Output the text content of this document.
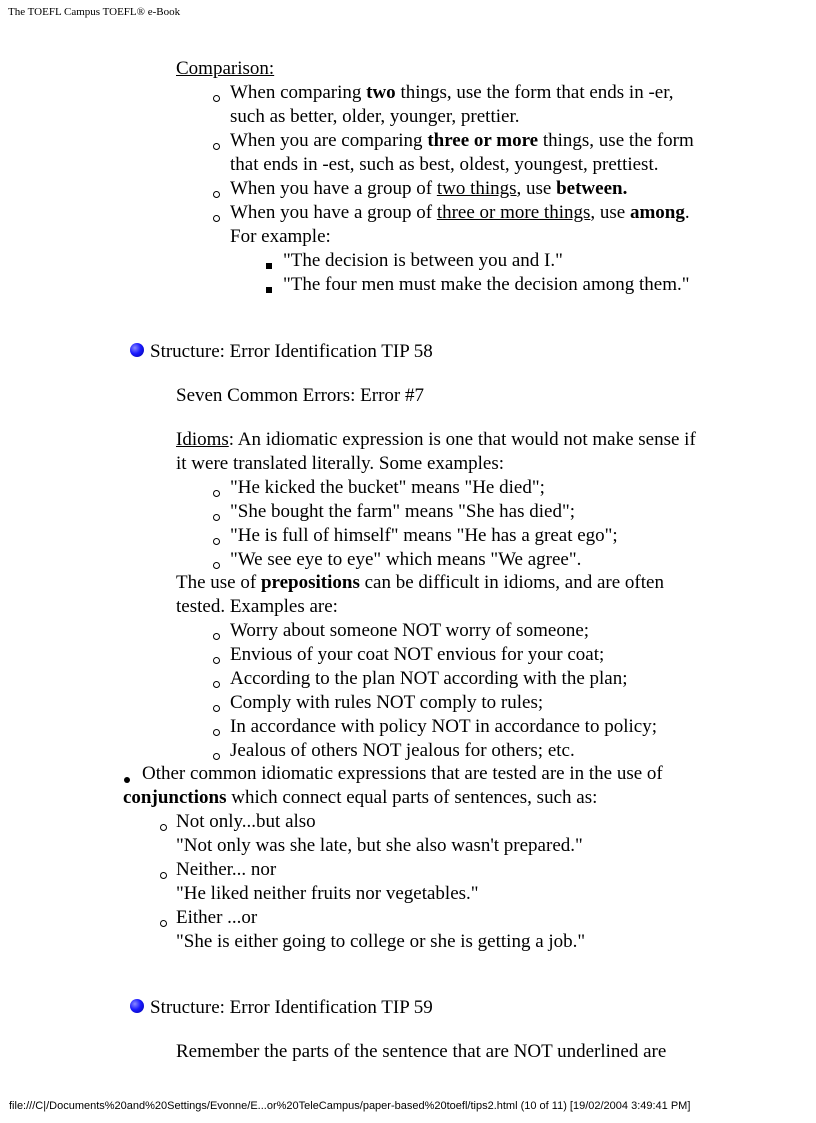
The TOEFL Campus TOEFL® e-Book
Comparison:
When comparing two things, use the form that ends in -er,
such as better, older, younger, prettier.
When you are comparing three or more things, use the form
that ends in -est, such as best, oldest, youngest, prettiest.
When you have a group of two things, use between.
When you have a group of three or more things, use among.
For example:
"The decision is between you and I."
"The four men must make the decision among them."
Structure: Error Identification TIP 58
Seven Common Errors: Error #7
Idioms: An idiomatic expression is one that would not make sense if
it were translated literally. Some examples:
"He kicked the bucket" means "He died";
"She bought the farm" means "She has died";
"He is full of himself" means "He has a great ego";
"We see eye to eye" which means "We agree".
The use of prepositions can be difficult in idioms, and are often
tested. Examples are:
Worry about someone NOT worry of someone;
Envious of your coat NOT envious for your coat;
According to the plan NOT according with the plan;
Comply with rules NOT comply to rules;
In accordance with policy NOT in accordance to policy;
Jealous of others NOT jealous for others; etc.
Other common idiomatic expressions that are tested are in the use of
conjunctions which connect equal parts of sentences, such as:
Not only...but also
"Not only was she late, but she also wasn't prepared."
Neither... nor
"He liked neither fruits nor vegetables."
Either ...or
"She is either going to college or she is getting a job."
Structure: Error Identification TIP 59
Remember the parts of the sentence that are NOT underlined are
file:///C|/Documents%20and%20Settings/Evonne/E...or%20TeleCampus/paper-based%20toefl/tips2.html (10 of 11) [19/02/2004 3:49:41 PM]
